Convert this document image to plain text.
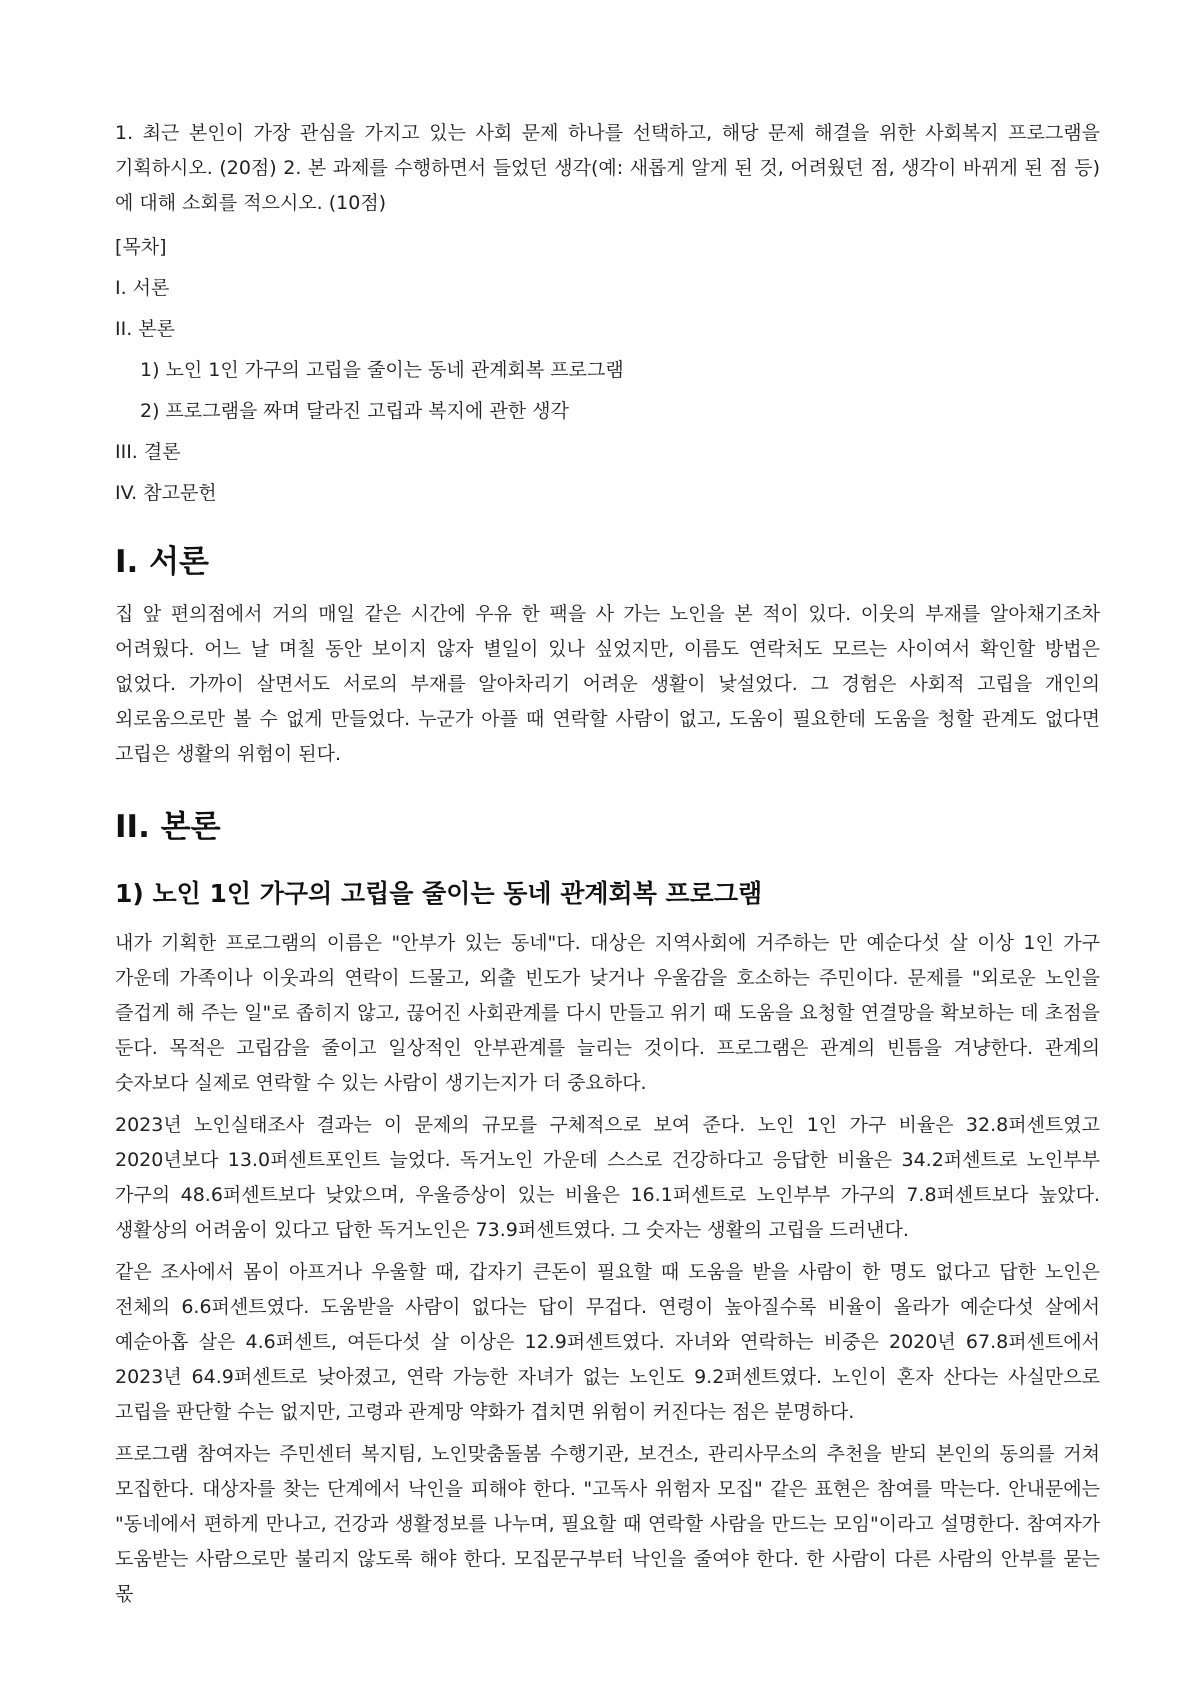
1. 최근 본인이 가장 관심을 가지고 있는 사회 문제 하나를 선택하고, 해당 문제 해결을 위한 사회복지 프로그램을 기획하시오. (20점) 2. 본 과제를 수행하면서 들었던 생각(예: 새롭게 알게 된 것, 어려웠던 점, 생각이 바뀌게 된 점 등)에 대해 소회를 적으시오. (10점)

[목차]
I. 서론
II. 본론
1) 노인 1인 가구의 고립을 줄이는 동네 관계회복 프로그램
2) 프로그램을 짜며 달라진 고립과 복지에 관한 생각
III. 결론
IV. 참고문헌
I. 서론

집 앞 편의점에서 거의 매일 같은 시간에 우유 한 팩을 사 가는 노인을 본 적이 있다. 이웃의 부재를 알아채기조차 어려웠다. 어느 날 며칠 동안 보이지 않자 별일이 있나 싶었지만, 이름도 연락처도 모르는 사이여서 확인할 방법은 없었다. 가까이 살면서도 서로의 부재를 알아차리기 어려운 생활이 낯설었다. 그 경험은 사회적 고립을 개인의 외로움으로만 볼 수 없게 만들었다. 누군가 아플 때 연락할 사람이 없고, 도움이 필요한데 도움을 청할 관계도 없다면 고립은 생활의 위험이 된다.

II. 본론
1) 노인 1인 가구의 고립을 줄이는 동네 관계회복 프로그램

내가 기획한 프로그램의 이름은 "안부가 있는 동네"다. 대상은 지역사회에 거주하는 만 예순다섯 살 이상 1인 가구 가운데 가족이나 이웃과의 연락이 드물고, 외출 빈도가 낮거나 우울감을 호소하는 주민이다. 문제를 "외로운 노인을 즐겁게 해 주는 일"로 좁히지 않고, 끊어진 사회관계를 다시 만들고 위기 때 도움을 요청할 연결망을 확보하는 데 초점을 둔다. 목적은 고립감을 줄이고 일상적인 안부관계를 늘리는 것이다. 프로그램은 관계의 빈틈을 겨냥한다. 관계의 숫자보다 실제로 연락할 수 있는 사람이 생기는지가 더 중요하다.

2023년 노인실태조사 결과는 이 문제의 규모를 구체적으로 보여 준다. 노인 1인 가구 비율은 32.8퍼센트였고 2020년보다 13.0퍼센트포인트 늘었다. 독거노인 가운데 스스로 건강하다고 응답한 비율은 34.2퍼센트로 노인부부 가구의 48.6퍼센트보다 낮았으며, 우울증상이 있는 비율은 16.1퍼센트로 노인부부 가구의 7.8퍼센트보다 높았다. 생활상의 어려움이 있다고 답한 독거노인은 73.9퍼센트였다. 그 숫자는 생활의 고립을 드러낸다.

같은 조사에서 몸이 아프거나 우울할 때, 갑자기 큰돈이 필요할 때 도움을 받을 사람이 한 명도 없다고 답한 노인은 전체의 6.6퍼센트였다. 도움받을 사람이 없다는 답이 무겁다. 연령이 높아질수록 비율이 올라가 예순다섯 살에서 예순아홉 살은 4.6퍼센트, 여든다섯 살 이상은 12.9퍼센트였다. 자녀와 연락하는 비중은 2020년 67.8퍼센트에서 2023년 64.9퍼센트로 낮아졌고, 연락 가능한 자녀가 없는 노인도 9.2퍼센트였다. 노인이 혼자 산다는 사실만으로 고립을 판단할 수는 없지만, 고령과 관계망 약화가 겹치면 위험이 커진다는 점은 분명하다.

프로그램 참여자는 주민센터 복지팀, 노인맞춤돌봄 수행기관, 보건소, 관리사무소의 추천을 받되 본인의 동의를 거쳐 모집한다. 대상자를 찾는 단계에서 낙인을 피해야 한다. "고독사 위험자 모집" 같은 표현은 참여를 막는다. 안내문에는 "동네에서 편하게 만나고, 건강과 생활정보를 나누며, 필요할 때 연락할 사람을 만드는 모임"이라고 설명한다. 참여자가 도움받는 사람으로만 불리지 않도록 해야 한다. 모집문구부터 낙인을 줄여야 한다. 한 사람이 다른 사람의 안부를 묻는 몫
